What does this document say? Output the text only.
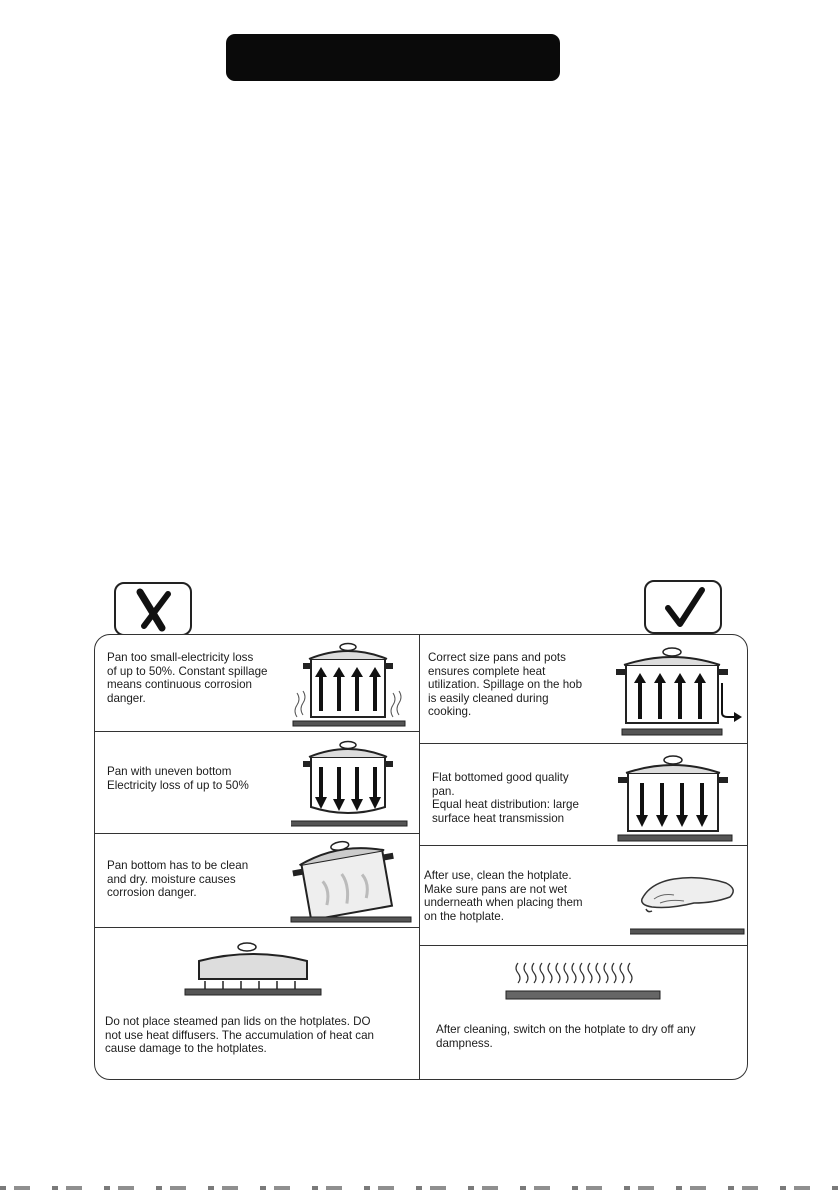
Pan too small-electricity loss
of up to 50%. Constant spillage
means continuous corrosion
danger.
Pan with uneven bottom
Electricity loss of up to 50%
Pan bottom has to be clean
and dry. moisture causes
corrosion danger.
Do not place steamed pan lids on the hotplates. DO
not use heat diffusers. The accumulation of heat can
cause damage to the hotplates.
Correct size pans and pots
ensures complete heat
utilization. Spillage on the hob
is easily cleaned during
cooking.
Flat bottomed good quality
pan.
Equal heat distribution: large
surface heat transmission
After use, clean the hotplate.
Make sure pans are not wet
underneath when placing them
on the hotplate.
After cleaning, switch on the hotplate to dry off any
dampness.
